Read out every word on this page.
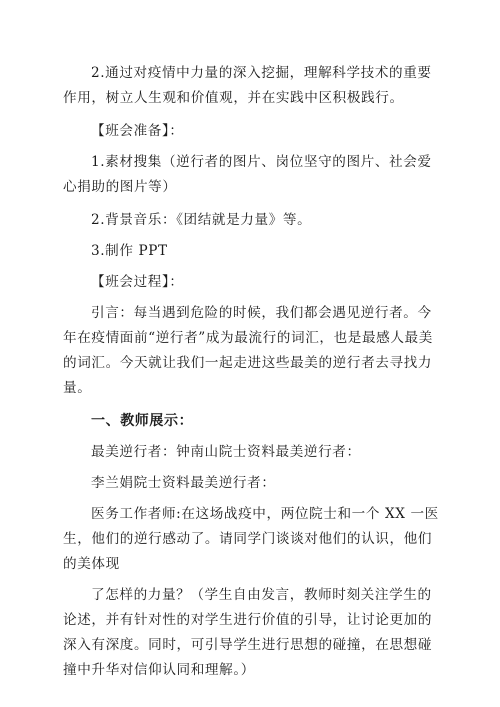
2.通过对疫情中力量的深入挖掘，理解科学技术的重要作用，树立人生观和价值观，并在实践中区积极践行。

【班会准备】：

1.素材搜集（逆行者的图片、岗位坚守的图片、社会爱心捐助的图片等）

2.背景音乐：《团结就是力量》等。

3.制作 PPT

【班会过程】：

引言：每当遇到危险的时候，我们都会遇见逆行者。今年在疫情面前“逆行者”成为最流行的词汇，也是最感人最美的词汇。今天就让我们一起走进这些最美的逆行者去寻找力量。

一、教师展示：

最美逆行者：钟南山院士资料最美逆行者：

李兰娟院士资料最美逆行者：

医务工作者师:在这场战疫中，两位院士和一个 XX 一医生，他们的逆行感动了。请同学门谈谈对他们的认识，他们的美体现

了怎样的力量？（学生自由发言，教师时刻关注学生的论述，并有针对性的对学生进行价值的引导，让讨论更加的深入有深度。同时，可引导学生进行思想的碰撞，在思想碰撞中升华对信仰认同和理解。）
